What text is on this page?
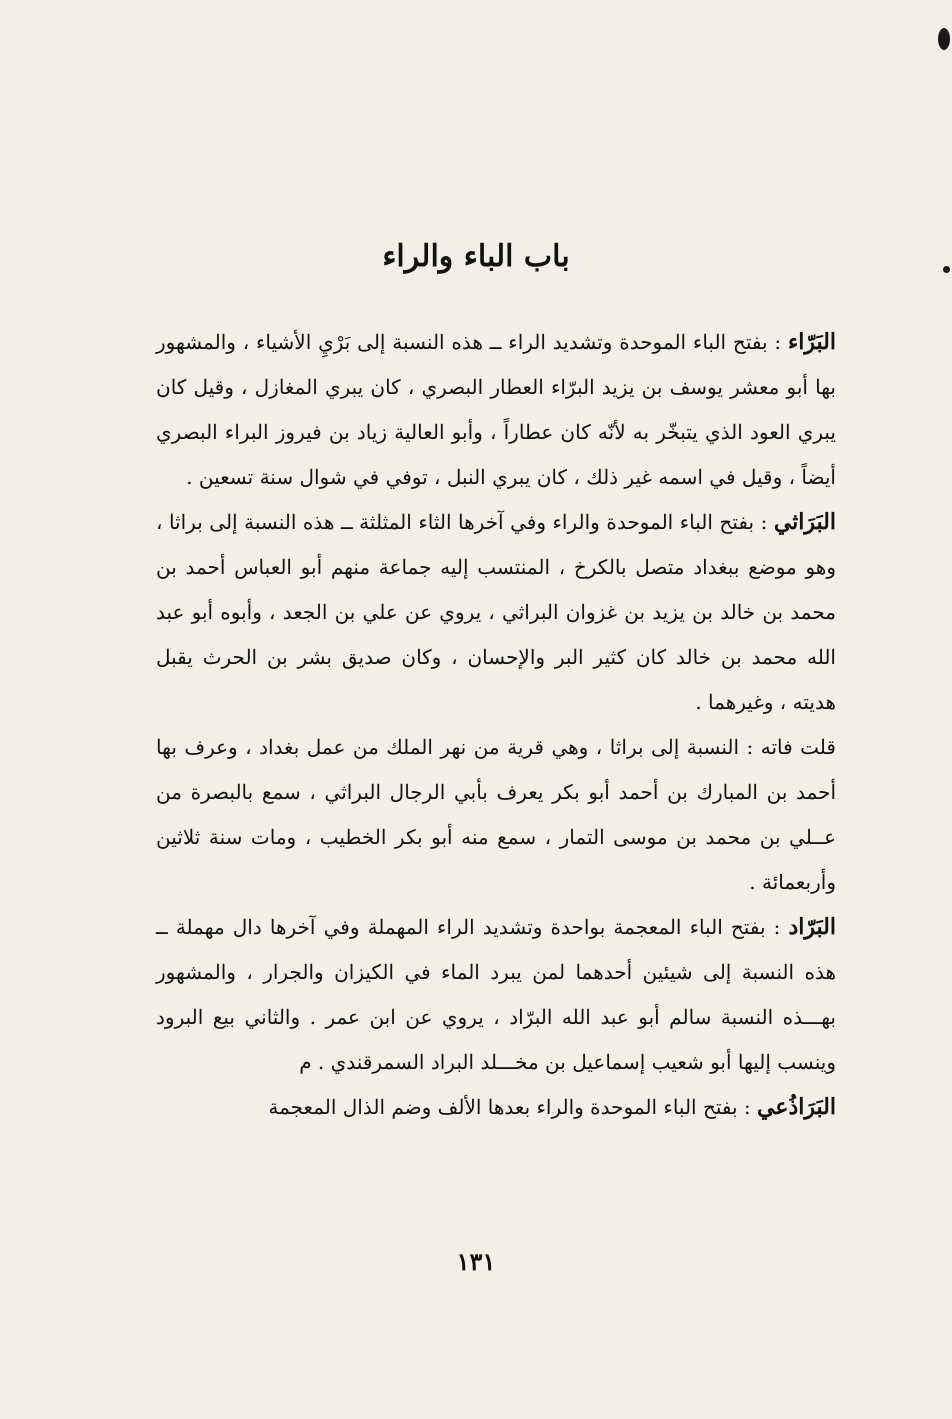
باب الباء والراء

البَرّاء : بفتح الباء الموحدة وتشديد الراء ــ هذه النسبة إلى بَرْيِ الأشياء ، والمشهور بها أبو معشر يوسف بن يزيد البرّاء العطار البصري ، كان يبري المغازل ، وقيل كان يبري العود الذي يتبخّر به لأنّه كان عطاراً ، وأبو العالية زياد بن فيروز البراء البصري أيضاً ، وقيل في اسمه غير ذلك ، كان يبري النبل ، توفي في شوال سنة تسعين .

البَرَاثي : بفتح الباء الموحدة والراء وفي آخرها الثاء المثلثة ــ هذه النسبة إلى براثا ، وهو موضع ببغداد متصل بالكرخ ، المنتسب إليه جماعة منهم أبو العباس أحمد بن محمد بن خالد بن يزيد بن غزوان البراثي ، يروي عن علي بن الجعد ، وأبوه أبو عبد الله محمد بن خالد كان كثير البر والإحسان ، وكان صديق بشر بن الحرث يقبل هديته ، وغيرهما .

قلت فاته : النسبة إلى براثا ، وهي قرية من نهر الملك من عمل بغداد ، وعرف بها أحمد بن المبارك بن أحمد أبو بكر يعرف بأبي الرجال البراثي ، سمع بالبصرة من عــلي بن محمد بن موسى التمار ، سمع منه أبو بكر الخطيب ، ومات سنة ثلاثين وأربعمائة .

البَرّاد : بفتح الباء المعجمة بواحدة وتشديد الراء المهملة وفي آخرها دال مهملة ــ هذه النسبة إلى شيئين أحدهما لمن يبرد الماء في الكيزان والجرار ، والمشهور بهـــذه النسبة سالم أبو عبد الله البرّاد ، يروي عن ابن عمر . والثاني بيع البرود وينسب إليها أبو شعيب إسماعيل بن مخـــلد البراد السمرقندي . م

البَرَاذُعي : بفتح الباء الموحدة والراء بعدها الألف وضم الذال المعجمة

١٣١
